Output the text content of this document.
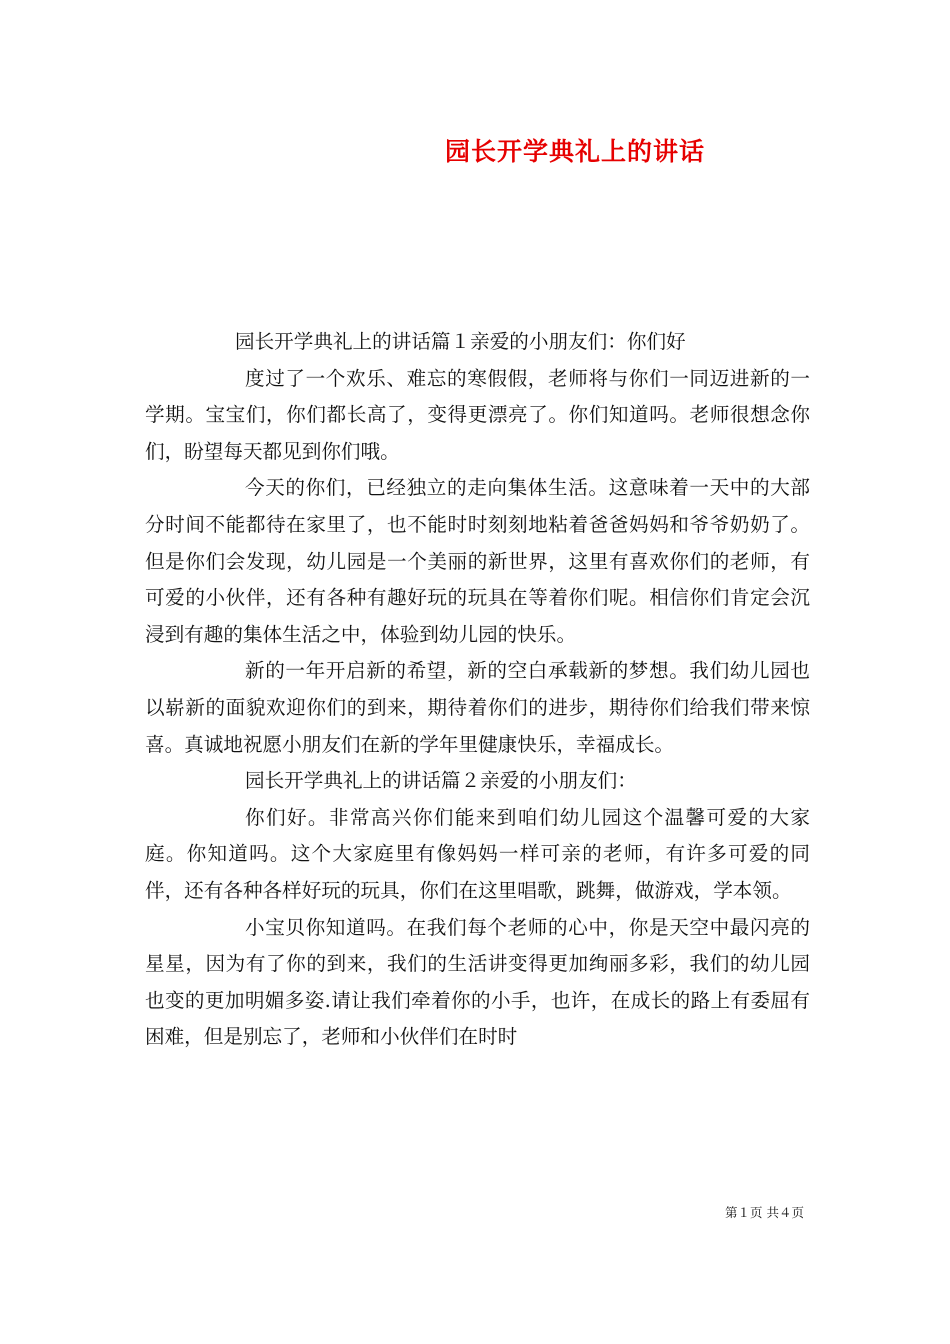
园长开学典礼上的讲话

园长开学典礼上的讲话篇１亲爱的小朋友们：你们好

度过了一个欢乐、难忘的寒假假，老师将与你们一同迈进新的一学期。宝宝们，你们都长高了，变得更漂亮了。你们知道吗。老师很想念你们，盼望每天都见到你们哦。

今天的你们，已经独立的走向集体生活。这意味着一天中的大部分时间不能都待在家里了，也不能时时刻刻地粘着爸爸妈妈和爷爷奶奶了。但是你们会发现，幼儿园是一个美丽的新世界，这里有喜欢你们的老师，有可爱的小伙伴，还有各种有趣好玩的玩具在等着你们呢。相信你们肯定会沉浸到有趣的集体生活之中，体验到幼儿园的快乐。

新的一年开启新的希望，新的空白承载新的梦想。我们幼儿园也以崭新的面貌欢迎你们的到来，期待着你们的进步，期待你们给我们带来惊喜。真诚地祝愿小朋友们在新的学年里健康快乐，幸福成长。

园长开学典礼上的讲话篇２亲爱的小朋友们：

你们好。非常高兴你们能来到咱们幼儿园这个温馨可爱的大家庭。你知道吗。这个大家庭里有像妈妈一样可亲的老师，有许多可爱的同伴，还有各种各样好玩的玩具，你们在这里唱歌，跳舞，做游戏，学本领。

小宝贝你知道吗。在我们每个老师的心中，你是天空中最闪亮的星星，因为有了你的到来，我们的生活讲变得更加绚丽多彩，我们的幼儿园也变的更加明媚多姿.请让我们牵着你的小手，也许，在成长的路上有委屈有困难，但是别忘了，老师和小伙伴们在时时

第１页 共４页
